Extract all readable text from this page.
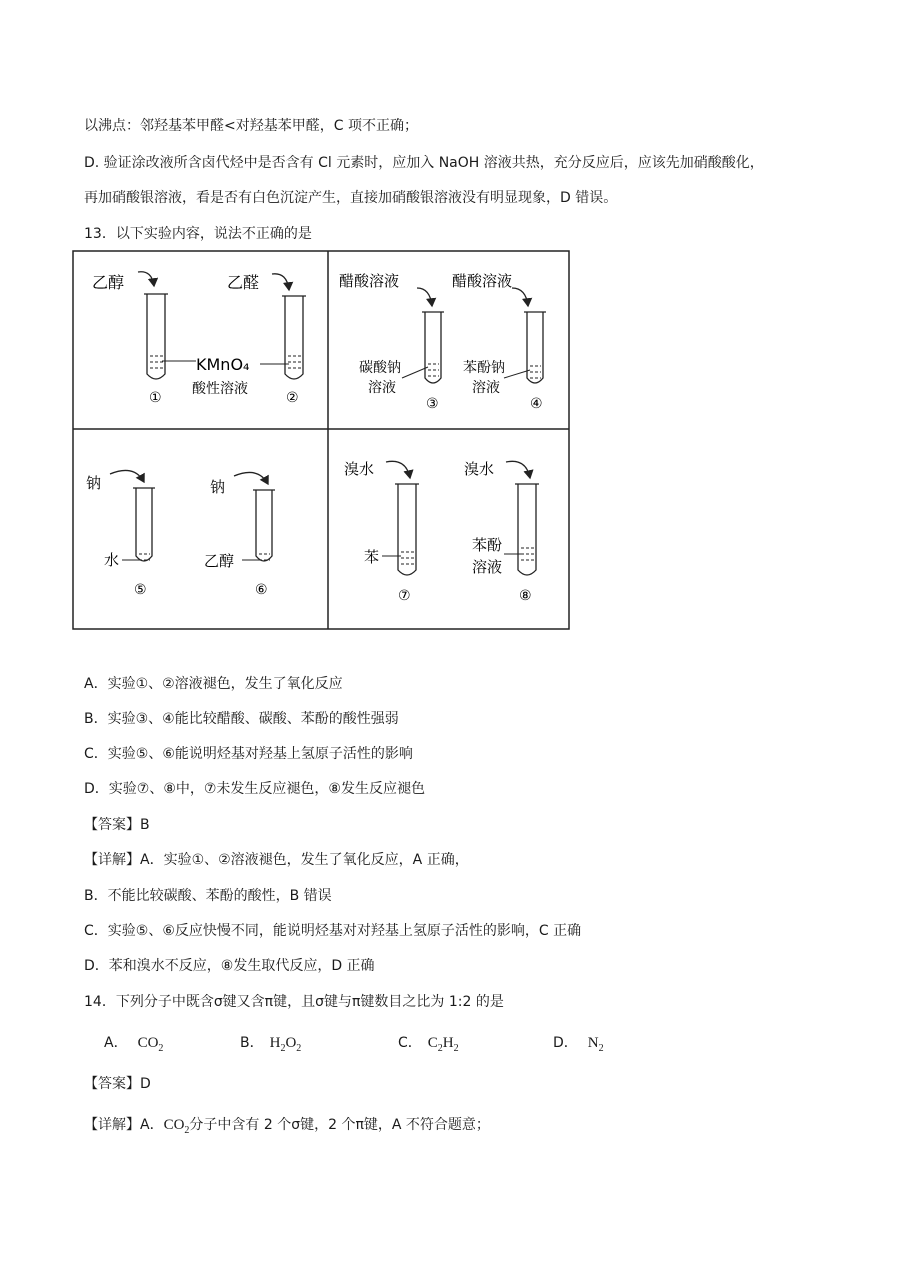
以沸点：邻羟基苯甲醛<对羟基苯甲醛，C 项不正确；
D. 验证涂改液所含卤代烃中是否含有 Cl 元素时，应加入 NaOH 溶液共热，充分反应后，应该先加硝酸酸化，
再加硝酸银溶液，看是否有白色沉淀产生，直接加硝酸银溶液没有明显现象，D 错误。
13．以下实验内容，说法不正确的是
乙醇
①
乙醛
②
KMnO₄
酸性溶液
醋酸溶液
碳酸钠
溶液
③
醋酸溶液
苯酚钠
溶液
④
钠
水
⑤
钠
乙醇
⑥
溴水
苯
⑦
溴水
苯酚
溶液
⑧
A．实验①、②溶液褪色，发生了氧化反应
B．实验③、④能比较醋酸、碳酸、苯酚的酸性强弱
C．实验⑤、⑥能说明烃基对羟基上氢原子活性的影响
D．实验⑦、⑧中，⑦未发生反应褪色，⑧发生反应褪色
【答案】B
【详解】A．实验①、②溶液褪色，发生了氧化反应，A 正确，
B．不能比较碳酸、苯酚的酸性，B 错误
C．实验⑤、⑥反应快慢不同，能说明烃基对对羟基上氢原子活性的影响，C 正确
D．苯和溴水不反应，⑧发生取代反应，D 正确
14．下列分子中既含σ键又含π键，且σ键与π键数目之比为 1:2 的是
A． $CO_2$	B． $H_2O_2$	C． $C_2H_2$	D． $N_2$
【答案】D
【详解】A．$CO_2$分子中含有 2 个σ键，2 个π键，A 不符合题意；
